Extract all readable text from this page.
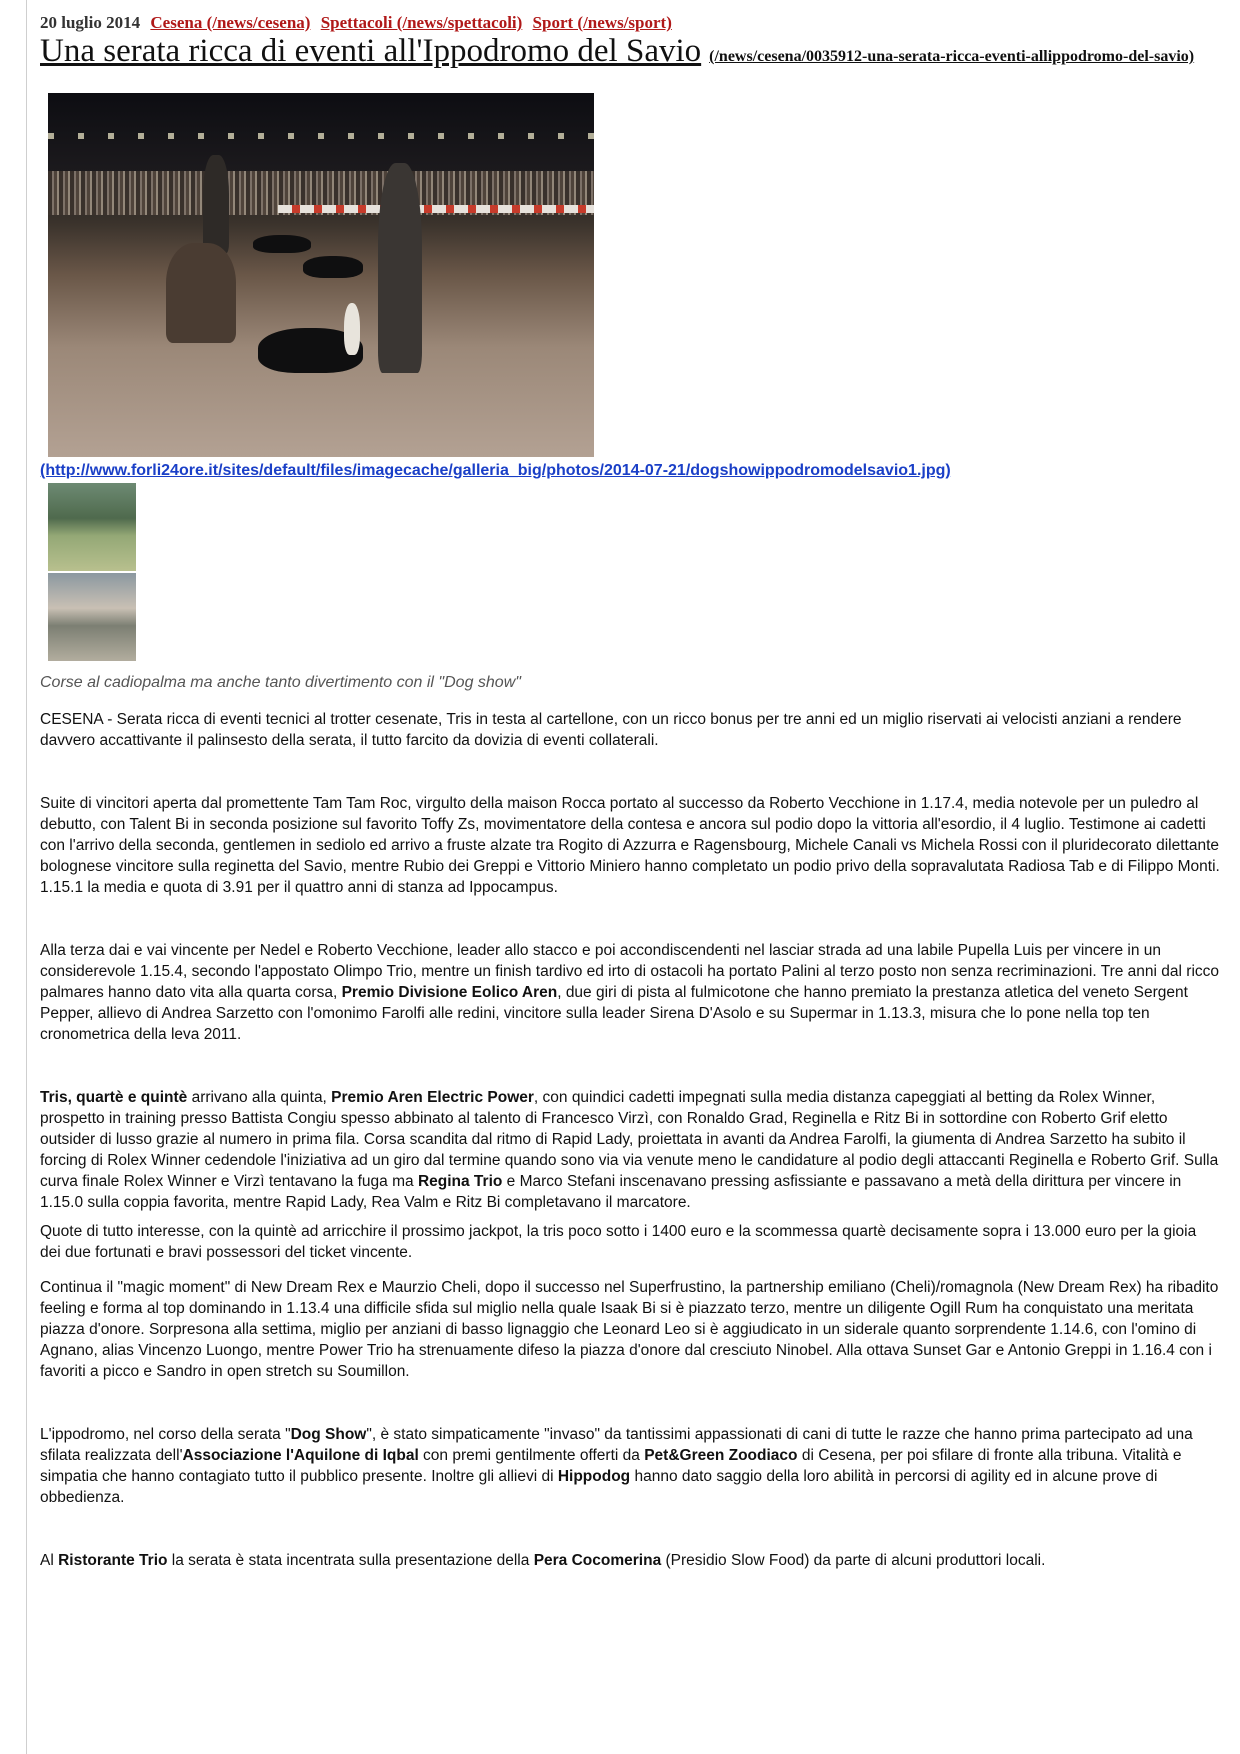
20 luglio 2014 Cesena (/news/cesena) Spettacoli (/news/spettacoli) Sport (/news/sport)
Una serata ricca di eventi all'Ippodromo del Savio (/news/cesena/0035912-una-serata-ricca-eventi-allippodromo-del-savio)
(http://www.forli24ore.it/sites/default/files/imagecache/galleria_big/photos/2014-07-21/dogshowippodromodelsavio1.jpg)
Corse al cadiopalma ma anche tanto divertimento con il "Dog show"

CESENA - Serata ricca di eventi tecnici al trotter cesenate, Tris in testa al cartellone, con un ricco bonus per tre anni ed un miglio riservati ai velocisti anziani a rendere davvero accattivante il palinsesto della serata, il tutto farcito da dovizia di eventi collaterali.

Suite di vincitori aperta dal promettente Tam Tam Roc, virgulto della maison Rocca portato al successo da Roberto Vecchione in 1.17.4, media notevole per un puledro al debutto, con Talent Bi in seconda posizione sul favorito Toffy Zs, movimentatore della contesa e ancora sul podio dopo la vittoria all'esordio, il 4 luglio. Testimone ai cadetti con l'arrivo della seconda, gentlemen in sediolo ed arrivo a fruste alzate tra Rogito di Azzurra e Ragensbourg, Michele Canali vs Michela Rossi con il pluridecorato dilettante bolognese vincitore sulla reginetta del Savio, mentre Rubio dei Greppi e Vittorio Miniero hanno completato un podio privo della sopravalutata Radiosa Tab e di Filippo Monti. 1.15.1 la media e quota di 3.91 per il quattro anni di stanza ad Ippocampus.

Alla terza dai e vai vincente per Nedel e Roberto Vecchione, leader allo stacco e poi accondiscendenti nel lasciar strada ad una labile Pupella Luis per vincere in un considerevole 1.15.4, secondo l'appostato Olimpo Trio, mentre un finish tardivo ed irto di ostacoli ha portato Palini al terzo posto non senza recriminazioni. Tre anni dal ricco palmares hanno dato vita alla quarta corsa, Premio Divisione Eolico Aren, due giri di pista al fulmicotone che hanno premiato la prestanza atletica del veneto Sergent Pepper, allievo di Andrea Sarzetto con l'omonimo Farolfi alle redini, vincitore sulla leader Sirena D'Asolo e su Supermar in 1.13.3, misura che lo pone nella top ten cronometrica della leva 2011.

Tris, quartè e quintè arrivano alla quinta, Premio Aren Electric Power, con quindici cadetti impegnati sulla media distanza capeggiati al betting da Rolex Winner, prospetto in training presso Battista Congiu spesso abbinato al talento di Francesco Virzì, con Ronaldo Grad, Reginella e Ritz Bi in sottordine con Roberto Grif eletto outsider di lusso grazie al numero in prima fila. Corsa scandita dal ritmo di Rapid Lady, proiettata in avanti da Andrea Farolfi, la giumenta di Andrea Sarzetto ha subito il forcing di Rolex Winner cedendole l'iniziativa ad un giro dal termine quando sono via via venute meno le candidature al podio degli attaccanti Reginella e Roberto Grif. Sulla curva finale Rolex Winner e Virzì tentavano la fuga ma Regina Trio e Marco Stefani inscenavano pressing asfissiante e passavano a metà della dirittura per vincere in 1.15.0 sulla coppia favorita, mentre Rapid Lady, Rea Valm e Ritz Bi completavano il marcatore.

Quote di tutto interesse, con la quintè ad arricchire il prossimo jackpot, la tris poco sotto i 1400 euro e la scommessa quartè decisamente sopra i 13.000 euro per la gioia dei due fortunati e bravi possessori del ticket vincente.

Continua il "magic moment" di New Dream Rex e Maurzio Cheli, dopo il successo nel Superfrustino, la partnership emiliano (Cheli)/romagnola (New Dream Rex) ha ribadito feeling e forma al top dominando in 1.13.4 una difficile sfida sul miglio nella quale Isaak Bi si è piazzato terzo, mentre un diligente Ogill Rum ha conquistato una meritata piazza d'onore. Sorpresona alla settima, miglio per anziani di basso lignaggio che Leonard Leo si è aggiudicato in un siderale quanto sorprendente 1.14.6, con l'omino di Agnano, alias Vincenzo Luongo, mentre Power Trio ha strenuamente difeso la piazza d'onore dal cresciuto Ninobel. Alla ottava Sunset Gar e Antonio Greppi in 1.16.4 con i favoriti a picco e Sandro in open stretch su Soumillon.

L'ippodromo, nel corso della serata "Dog Show", è stato simpaticamente "invaso" da tantissimi appassionati di cani di tutte le razze che hanno prima partecipato ad una sfilata realizzata dell'Associazione l'Aquilone di Iqbal con premi gentilmente offerti da Pet&Green Zoodiaco di Cesena, per poi sfilare di fronte alla tribuna. Vitalità e simpatia che hanno contagiato tutto il pubblico presente. Inoltre gli allievi di Hippodog hanno dato saggio della loro abilità in percorsi di agility ed in alcune prove di obbedienza.

Al Ristorante Trio la serata è stata incentrata sulla presentazione della Pera Cocomerina (Presidio Slow Food) da parte di alcuni produttori locali.
